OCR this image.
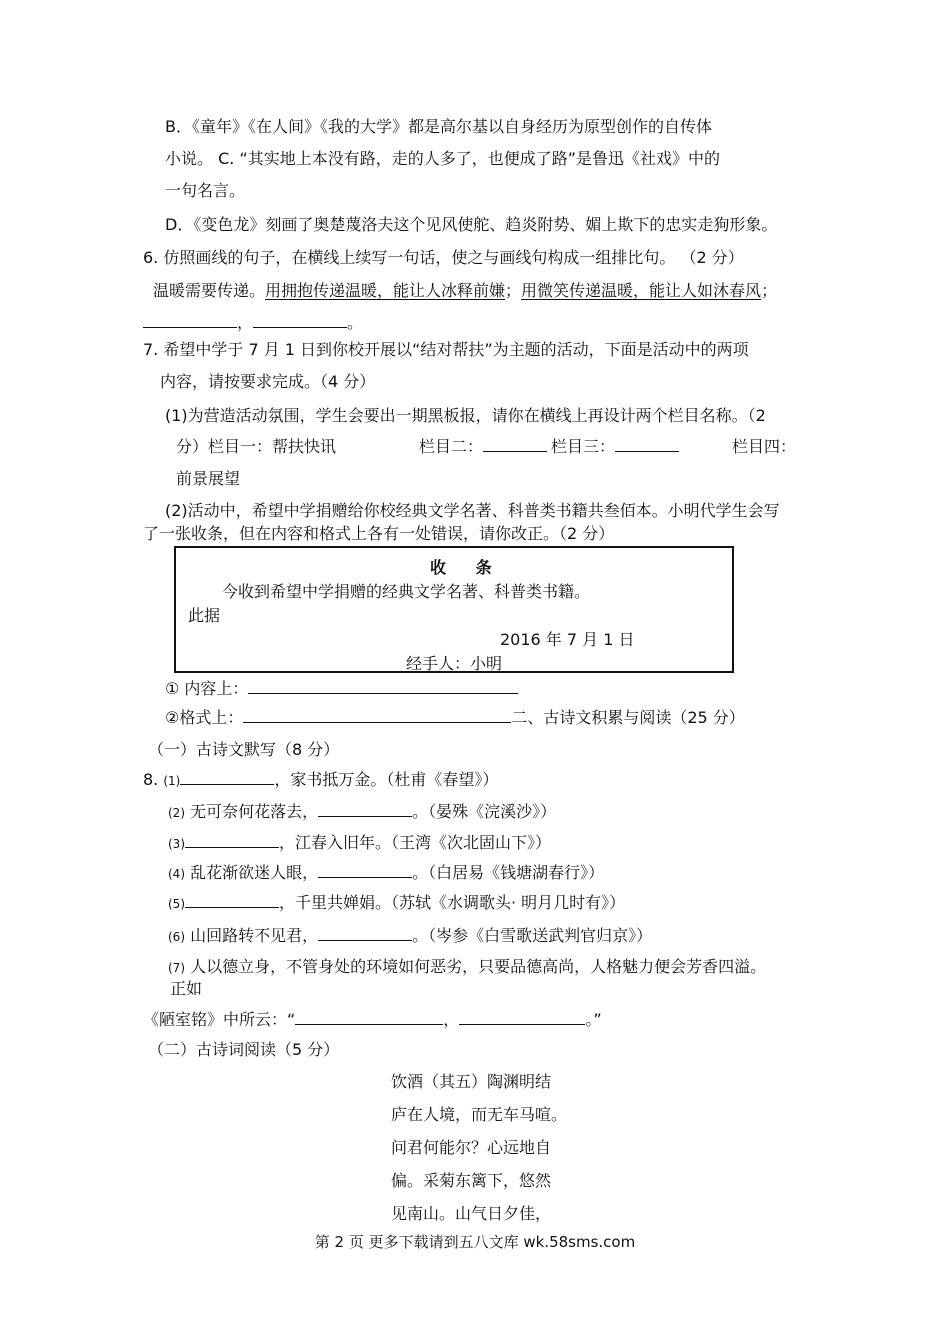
B．《童年》《在人间》《我的大学》都是高尔基以自身经历为原型创作的自传体
小说。 C. “其实地上本没有路，走的人多了，也便成了路”是鲁迅《社戏》中的
一句名言。
D．《变色龙》刻画了奥楚蔑洛夫这个见风使舵、趋炎附势、媚上欺下的忠实走狗形象。
6. 仿照画线的句子，在横线上续写一句话，使之与画线句构成一组排比句。 （2 分）
温暖需要传递。用拥抱传递温暖，能让人冰释前嫌；用微笑传递温暖，能让人如沐春风；
，	。
7. 希望中学于 7 月 1 日到你校开展以“结对帮扶”为主题的活动，下面是活动中的两项
内容，请按要求完成。（4 分）
(1)为营造活动氛围，学生会要出一期黑板报，请你在横线上再设计两个栏目名称。（2
分）栏目一：帮扶快讯	栏目二：	栏目三：	栏目四：
前景展望
(2)活动中，希望中学捐赠给你校经典文学名著、科普类书籍共叁佰本。小明代学生会写
了一张收条，但在内容和格式上各有一处错误，请你改正。（2 分）
收 条
今收到希望中学捐赠的经典文学名著、科普类书籍。
此据
2016 年 7 月 1 日
经手人：小明
① 内容上：
②格式上：	二、古诗文积累与阅读（25 分）
（一）古诗文默写（8 分）
8. (1)	，家书抵万金。（杜甫《春望》）
(2) 无可奈何花落去，	。（晏殊《浣溪沙》）
(3)	，江春入旧年。（王湾《次北固山下》）
(4) 乱花渐欲迷人眼，	。（白居易《钱塘湖春行》）
(5)	，千里共婵娟。（苏轼《水调歌头· 明月几时有》）
(6) 山回路转不见君，	。（岑参《白雪歌送武判官归京》）
(7) 人以德立身，不管身处的环境如何恶劣，只要品德高尚，人格魅力便会芳香四溢。
正如
《陋室铭》中所云：“	，	。”
（二）古诗词阅读（5 分）
饮酒（其五）陶渊明结
庐在人境，而无车马喧。
问君何能尔？心远地自
偏。采菊东篱下，悠然
见南山。山气日夕佳，
第 2 页 更多下载请到五八文库 wk.58sms.com
